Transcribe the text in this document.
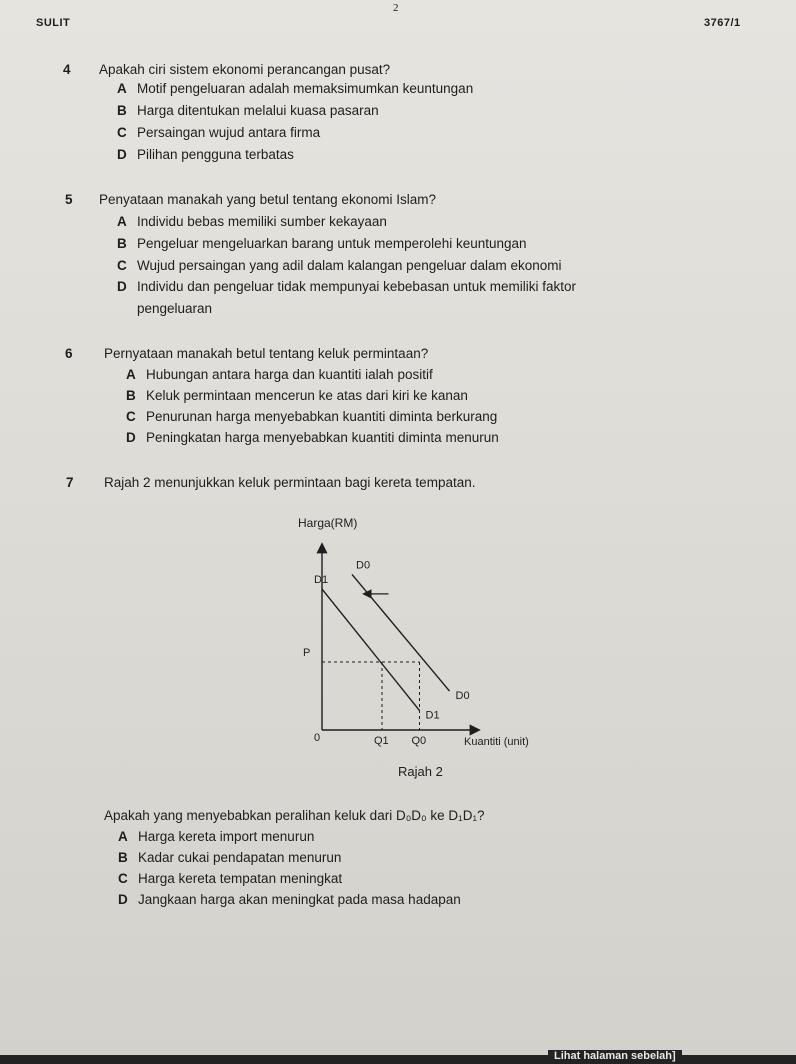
2
SULIT	3767/1
4 Apakah ciri sistem ekonomi perancangan pusat?
A Motif pengeluaran adalah memaksimumkan keuntungan
B Harga ditentukan melalui kuasa pasaran
C Persaingan wujud antara firma
D Pilihan pengguna terbatas
5 Penyataan manakah yang betul tentang ekonomi Islam?
A Individu bebas memiliki sumber kekayaan
B Pengeluar mengeluarkan barang untuk memperolehi keuntungan
C Wujud persaingan yang adil dalam kalangan pengeluar dalam ekonomi
D Individu dan pengeluar tidak mempunyai kebebasan untuk memiliki faktor
pengeluaran
6 Pernyataan manakah betul tentang keluk permintaan?
A Hubungan antara harga dan kuantiti ialah positif
B Keluk permintaan mencerun ke atas dari kiri ke kanan
C Penurunan harga menyebabkan kuantiti diminta berkurang
D Peningkatan harga menyebabkan kuantiti diminta menurun
7 Rajah 2 menunjukkan keluk permintaan bagi kereta tempatan.
Harga(RM)
0	Kuantiti (unit)
P
Q1 Q0
D0
D0
D1
D1
Rajah 2
Apakah yang menyebabkan peralihan keluk dari D₀D₀ ke D₁D₁?
A Harga kereta import menurun
B Kadar cukai pendapatan menurun
C Harga kereta tempatan meningkat
D Jangkaan harga akan meningkat pada masa hadapan
Lihat halaman sebelah]
